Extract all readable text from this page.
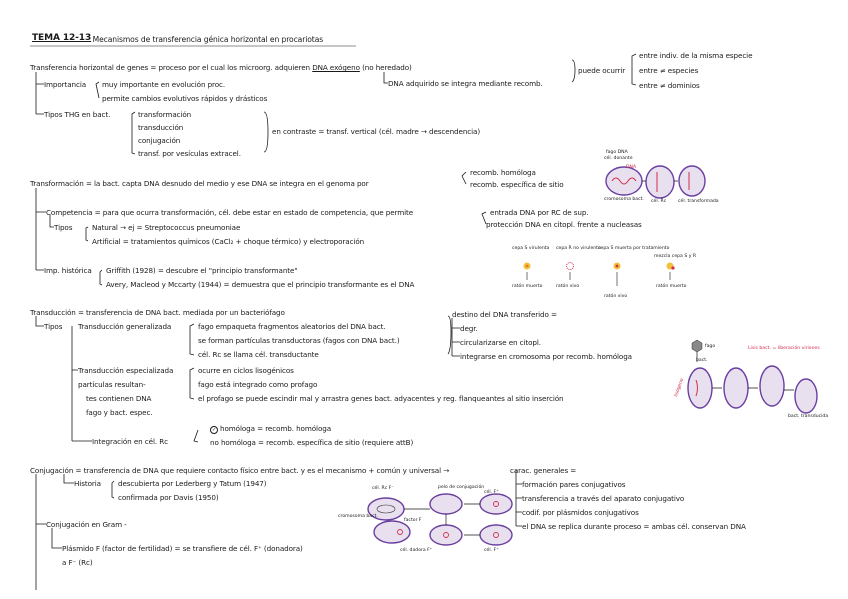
TEMA 12-13
· Mecanismos de transferencia génica horizontal en procariotas
Transferencia horizontal de genes = proceso por el cual los microorg. adquieren DNA exógeno (no heredado)
DNA adquirido se integra mediante recomb.
puede ocurrir
entre indiv. de la misma especie
entre ≠ especies
entre ≠ dominios
Importancia muy importante en evolución proc.
permite cambios evolutivos rápidos y drásticos
Tipos THG en bact.	transformación
transducción
conjugación
transf. por vesículas extracel.
en contraste = transf. vertical (cél. madre → descendencia)
Transformación = la bact. capta DNA desnudo del medio y ese DNA se integra en el genoma por
recomb. homóloga
recomb. específica de sitio
Competencia = para que ocurra transformación, cél. debe estar en estado de competencia, que permite	entrada DNA por RC de sup.
protección DNA en citopl. frente a nucleasas
Tipos	Natural → ej = Streptococcus pneumoniae
Artificial = tratamientos químicos (CaCl₂ + choque térmico) y electroporación
Imp. histórica Griffith (1928) = descubre el "principio transformante"
Avery, Macleod y Mccarty (1944) = demuestra que el principio transformante es el DNA
Transducción = transferencia de DNA bact. mediada por un bacteriófago
Tipos Transducción generalizada	fago empaqueta fragmentos aleatorios del DNA bact.
se forman partículas transductoras (fagos con DNA bact.)
cél. Rc se llama cél. transductante
destino del DNA transferido =
degr.
circularizarse en citopl.
integrarse en cromosoma por recomb. homóloga
Transducción especializada
partículas resultan-
tes contienen DNA
fago y bact. espec.
ocurre en ciclos lisogénicos
fago está integrado como profago
el profago se puede escindir mal y arrastra genes bact. adyacentes y reg. flanqueantes al sitio inserción
Integración en cél. Rc
✓ homóloga = recomb. homóloga
no homóloga = recomb. específica de sitio (requiere attB)
Conjugación = transferencia de DNA que requiere contacto físico entre bact. y es el mecanismo + común y universal →	carac. generales =
formación pares conjugativos
transferencia a través del aparato conjugativo
codif. por plásmidos conjugativos
el DNA se replica durante proceso = ambas cél. conservan DNA
Historia descubierta por Lederberg y Tatum (1947)
confirmada por Davis (1950)
Conjugación en Gram -
Plásmido F (factor de fertilidad) = se transfiere de cél. F⁺ (donadora)
a F⁻ (Rc)
fago DNA
cél. donante
DNA
cromosoma bact. cél. Rc	cél. transformada
cepa S virulenta cepa R no virulenta
cepa S muerta por tratamiento
mezcla cepa S y R
ratón muerto	ratón vivo
ratón vivo
ratón muerto
fago
bact.
Lisis bact. = liberación viriones
bact. transducida
lisógeno
cél. Rc F⁻
cromosoma bact.
factor F
pelo de conjugación
cél. F⁺
cél. dadora F⁺	cél. F⁺
